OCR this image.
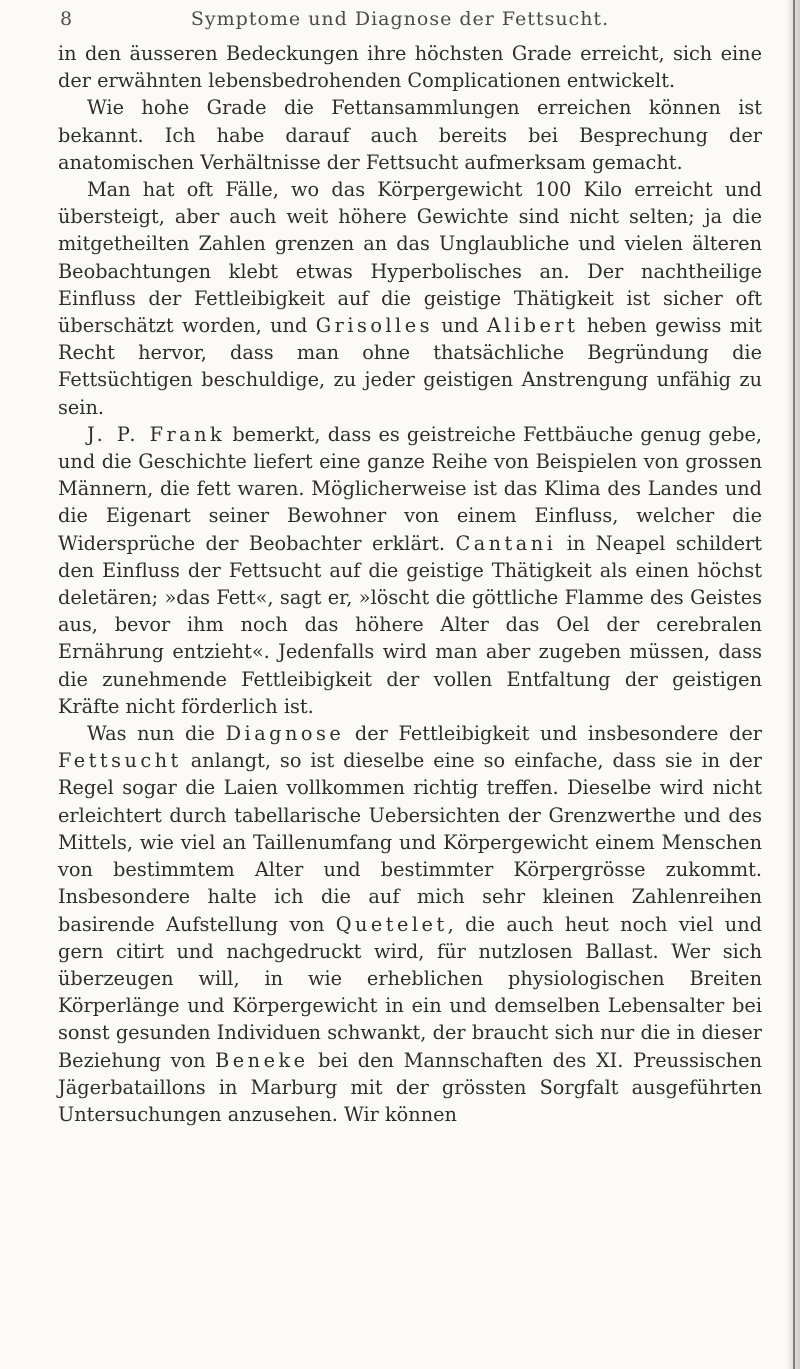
8	Symptome und Diagnose der Fettsucht.

in den äusseren Bedeckungen ihre höchsten Grade erreicht, sich eine der erwähnten lebensbedrohenden Complicationen entwickelt.

Wie hohe Grade die Fettansammlungen erreichen können ist bekannt. Ich habe darauf auch bereits bei Besprechung der anatomischen Verhältnisse der Fettsucht aufmerksam gemacht.

Man hat oft Fälle, wo das Körpergewicht 100 Kilo erreicht und übersteigt, aber auch weit höhere Gewichte sind nicht selten; ja die mitgetheilten Zahlen grenzen an das Unglaubliche und vielen älteren Beobachtungen klebt etwas Hyperbolisches an. Der nachtheilige Einfluss der Fettleibigkeit auf die geistige Thätigkeit ist sicher oft überschätzt worden, und Grisolles und Alibert heben gewiss mit Recht hervor, dass man ohne thatsächliche Begründung die Fettsüchtigen beschuldige, zu jeder geistigen Anstrengung unfähig zu sein.

J. P. Frank bemerkt, dass es geistreiche Fettbäuche genug gebe, und die Geschichte liefert eine ganze Reihe von Beispielen von grossen Männern, die fett waren. Möglicherweise ist das Klima des Landes und die Eigenart seiner Bewohner von einem Einfluss, welcher die Widersprüche der Beobachter erklärt. Cantani in Neapel schildert den Einfluss der Fettsucht auf die geistige Thätigkeit als einen höchst deletären; »das Fett«, sagt er, »löscht die göttliche Flamme des Geistes aus, bevor ihm noch das höhere Alter das Oel der cerebralen Ernährung entzieht«. Jedenfalls wird man aber zugeben müssen, dass die zunehmende Fettleibigkeit der vollen Entfaltung der geistigen Kräfte nicht förderlich ist.

Was nun die Diagnose der Fettleibigkeit und insbesondere der Fettsucht anlangt, so ist dieselbe eine so einfache, dass sie in der Regel sogar die Laien vollkommen richtig treffen. Dieselbe wird nicht erleichtert durch tabellarische Uebersichten der Grenzwerthe und des Mittels, wie viel an Taillenumfang und Körpergewicht einem Menschen von bestimmtem Alter und bestimmter Körpergrösse zukommt. Insbesondere halte ich die auf mich sehr kleinen Zahlenreihen basirende Aufstellung von Quetelet, die auch heut noch viel und gern citirt und nachgedruckt wird, für nutzlosen Ballast. Wer sich überzeugen will, in wie erheblichen physiologischen Breiten Körperlänge und Körpergewicht in ein und demselben Lebensalter bei sonst gesunden Individuen schwankt, der braucht sich nur die in dieser Beziehung von Beneke bei den Mannschaften des XI. Preussischen Jägerbataillons in Marburg mit der grössten Sorgfalt ausgeführten Untersuchungen anzusehen. Wir können
